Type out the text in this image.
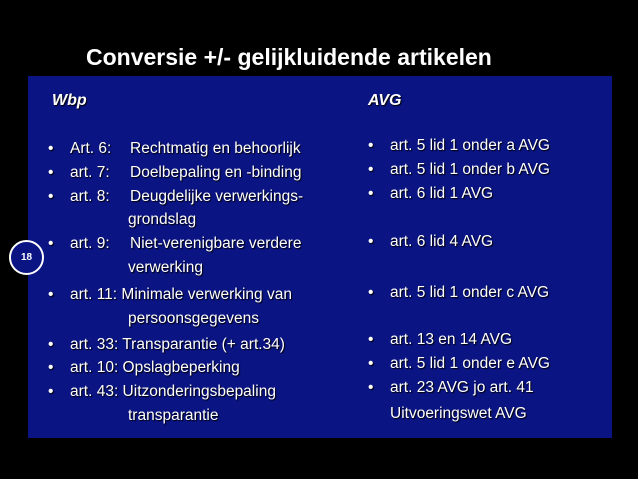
Conversie +/- gelijkluidende artikelen
18
Wbp	AVG
• Art. 6: Rechtmatig en behoorlijk
• art. 7: Doelbepaling en -binding
• art. 8: Deugdelijke verwerkings-
grondslag
• art. 9: Niet-verenigbare verdere
verwerking
• art. 11: Minimale verwerking van
persoonsgegevens
• art. 33: Transparantie (+ art.34)
• art. 10: Opslagbeperking
• art. 43: Uitzonderingsbepaling
transparantie
• art. 5 lid 1 onder a AVG
• art. 5 lid 1 onder b AVG
• art. 6 lid 1 AVG
• art. 6 lid 4 AVG
• art. 5 lid 1 onder c AVG
• art. 13 en 14 AVG
• art. 5 lid 1 onder e AVG
• art. 23 AVG jo art. 41
Uitvoeringswet AVG
